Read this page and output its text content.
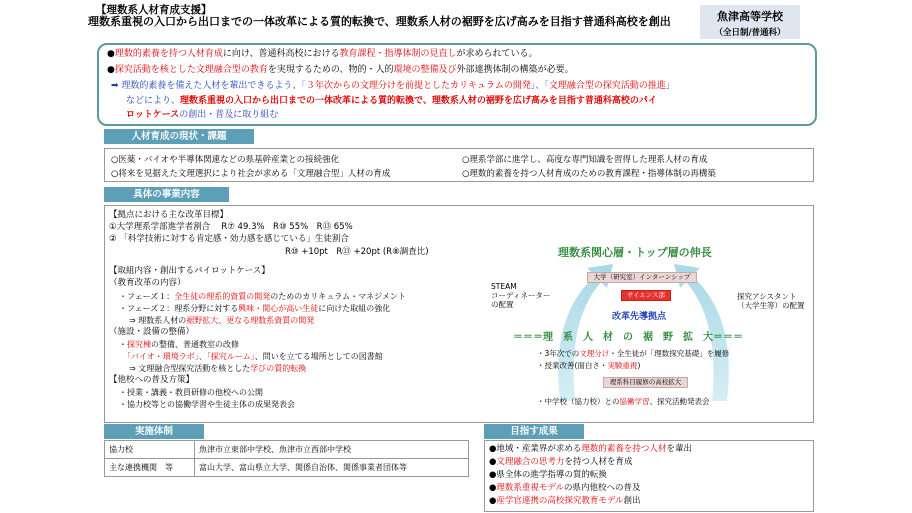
【理数系人材育成支援】
理数系重視の入口から出口までの一体改革による質的転換で、理数系人材の裾野を広げ高みを目指す普通科高校を創出	魚津高等学校
（全日制/普通科）
●理数的素養を持つ人材育成に向け、普通科高校における教育課程・指導体制の見直しが求められている。
●探究活動を核とした文理融合型の教育を実現するための、物的・人的環境の整備及び外部連携体制の構築が必要。
➡ 理数的素養を備えた人材を輩出できるよう、「３年次からの文理分けを前提としたカリキュラムの開発」、「文理融合型の探究活動の推進」
などにより、理数系重視の入口から出口までの一体改革による質的転換で、理数系人材の裾野を広げ高みを目指す普通科高校のパイ
ロットケースの創出・普及に取り組む
人材育成の現状・課題
○医薬・バイオや半導体関連などの県基幹産業との接続強化	○理系学部に進学し、高度な専門知識を習得した理系人材の育成
○将来を見据えた文理選択により社会が求める「文理融合型」人材の育成	○理数的素養を持つ人材育成のための教育課程・指導体制の再構築
具体の事業内容
【拠点における主な改革目標】
①大学理系学部進学者割合　 R⑦ 49.3%　R⑩ 55%　R⑬ 65%
② 「科学技術に対する肯定感・効力感を感じている」生徒割合
R⑩ +10pt　R⑬ +20pt (R⑧調査比)
【取組内容・創出するパイロットケース】
（教育改革の内容）
・フェーズ１：全生徒の理系的資質の開発のためのカリキュラム・マネジメント
・フェーズ２：理系分野に対する興味・関心が高い生徒に向けた取組の強化
⇒ 理数系人材の裾野拡大、更なる理数系資質の開発
（施設・設備の整備）
・探究棟の整備、普通教室の改修
「バイオ・環境ラボ」、「探究ルーム」、問いを立てる場所としての図書館
⇒ 文理融合型探究活動を核とした学びの質的転換
【他校への普及方策】
・授業・講義・教員研修の他校への公開
・協力校等との協働学習や生徒主体の成果発表会
理数系関心層・トップ層の伸長
大学（研究室）インターンシップ
サイエンス部
STEAM
コーディネーター
の配置
探究アシスタント
（大学生等）の配置
改革先導拠点
＝＝＝理　系　人　材　の　裾　野　拡　大＝＝＝
・3年次での文理分け・全生徒が「理数探究基礎」を履修
・授業改善(面白さ・実験重視)
理系科目履修の高校拡大
・中学校（協力校）との協働学習、探究活動発表会
実施体制
協力校	魚津市立東部中学校、魚津市立西部中学校
主な連携機関　等	富山大学、富山県立大学、関係自治体、関係事業者団体等
目指す成果
●地域・産業界が求める理数的素養を持つ人材を輩出
●文理融合の思考力を持つ人材を育成
●県全体の進学指導の質的転換
●理数系重視モデルの県内他校への普及
●産学官連携の高校探究教育モデル創出
